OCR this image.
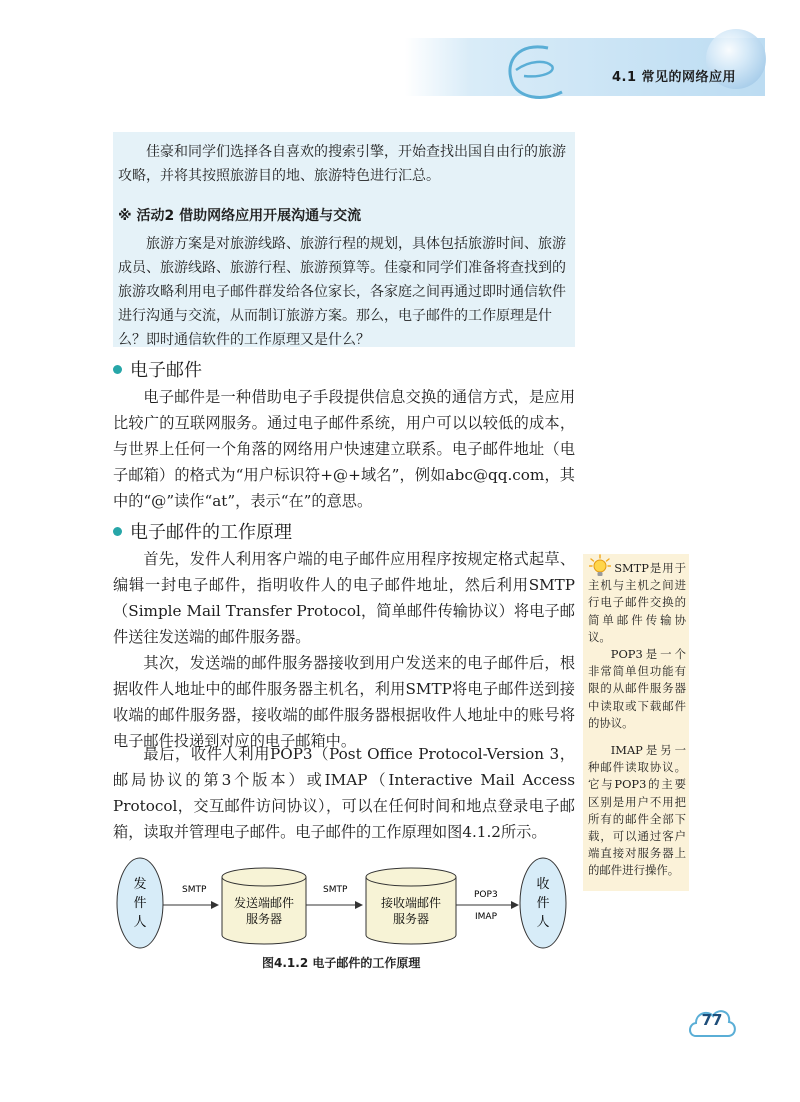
4.1 常见的网络应用

佳豪和同学们选择各自喜欢的搜索引擎，开始查找出国自由行的旅游攻略，并将其按照旅游目的地、旅游特色进行汇总。

※ 活动2 借助网络应用开展沟通与交流

旅游方案是对旅游线路、旅游行程的规划，具体包括旅游时间、旅游成员、旅游线路、旅游行程、旅游预算等。佳豪和同学们准备将查找到的旅游攻略利用电子邮件群发给各位家长，各家庭之间再通过即时通信软件进行沟通与交流，从而制订旅游方案。那么，电子邮件的工作原理是什么？即时通信软件的工作原理又是什么？

电子邮件

电子邮件是一种借助电子手段提供信息交换的通信方式，是应用比较广的互联网服务。通过电子邮件系统，用户可以以较低的成本，与世界上任何一个角落的网络用户快速建立联系。电子邮件地址（电子邮箱）的格式为“用户标识符+@+域名”，例如abc@qq.com，其中的“@”读作“at”，表示“在”的意思。

电子邮件的工作原理

首先，发件人利用客户端的电子邮件应用程序按规定格式起草、编辑一封电子邮件，指明收件人的电子邮件地址，然后利用SMTP（Simple Mail Transfer Protocol，简单邮件传输协议）将电子邮件送往发送端的邮件服务器。

其次，发送端的邮件服务器接收到用户发送来的电子邮件后，根据收件人地址中的邮件服务器主机名，利用SMTP将电子邮件送到接收端的邮件服务器，接收端的邮件服务器根据收件人地址中的账号将电子邮件投递到对应的电子邮箱中。

最后，收件人利用POP3（Post Office Protocol-Version 3，邮局协议的第3个版本）或IMAP（Interactive Mail Access Protocol，交互邮件访问协议），可以在任何时间和地点登录电子邮箱，读取并管理电子邮件。电子邮件的工作原理如图4.1.2所示。

SMTP是用于主机与主机之间进行电子邮件交换的简单邮件传输协议。

POP3是一个非常简单但功能有限的从邮件服务器中读取或下载邮件的协议。

IMAP是另一种邮件读取协议。它与POP3的主要区别是用户不用把所有的邮件全部下载，可以通过客户端直接对服务器上的邮件进行操作。

发
件
人
SMTP
发送端邮件
服务器
SMTP
接收端邮件
服务器
POP3
IMAP
收
件
人
图4.1.2 电子邮件的工作原理
77
